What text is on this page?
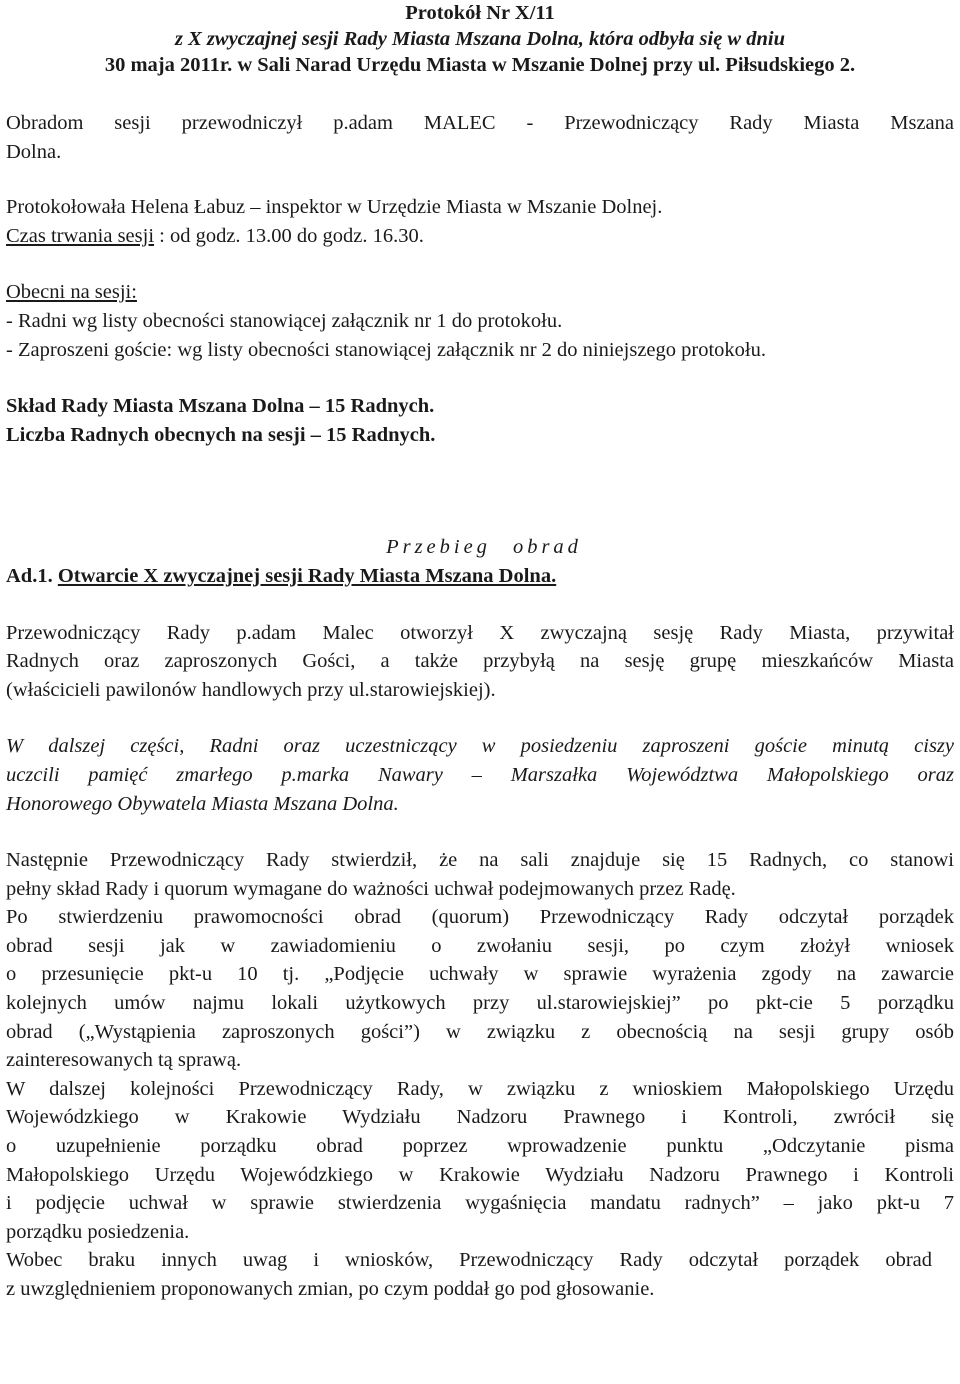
Protokół Nr X/11

z X zwyczajnej sesji Rady Miasta Mszana Dolna, która odbyła się w dniu

30 maja 2011r. w Sali Narad Urzędu Miasta w Mszanie Dolnej przy ul. Piłsudskiego 2.

Obradom sesji przewodniczył p.adam MALEC - Przewodniczący Rady Miasta Mszana

Dolna.

Protokołowała Helena Łabuz – inspektor w Urzędzie Miasta w Mszanie Dolnej.

Czas trwania sesji : od godz. 13.00 do godz. 16.30.

Obecni na sesji:

- Radni wg listy obecności stanowiącej załącznik nr 1 do protokołu.

- Zaproszeni goście: wg listy obecności stanowiącej załącznik nr 2 do niniejszego protokołu.

Skład Rady Miasta Mszana Dolna – 15 Radnych.

Liczba Radnych obecnych na sesji – 15 Radnych.

Przebieg obrad

Ad.1. Otwarcie X zwyczajnej sesji Rady Miasta Mszana Dolna.

Przewodniczący Rady p.adam Malec otworzył X zwyczajną sesję Rady Miasta, przywitał

Radnych oraz zaproszonych Gości, a także przybyłą na sesję grupę mieszkańców Miasta

(właścicieli pawilonów handlowych przy ul.starowiejskiej).

W dalszej części, Radni oraz uczestniczący w posiedzeniu zaproszeni goście minutą ciszy

uczcili pamięć zmarłego p.marka Nawary – Marszałka Województwa Małopolskiego oraz

Honorowego Obywatela Miasta Mszana Dolna.

Następnie Przewodniczący Rady stwierdził, że na sali znajduje się 15 Radnych, co stanowi

pełny skład Rady i quorum wymagane do ważności uchwał podejmowanych przez Radę.

Po stwierdzeniu prawomocności obrad (quorum) Przewodniczący Rady odczytał porządek

obrad sesji jak w zawiadomieniu o zwołaniu sesji, po czym złożył wniosek

o przesunięcie pkt-u 10 tj. „Podjęcie uchwały w sprawie wyrażenia zgody na zawarcie

kolejnych umów najmu lokali użytkowych przy ul.starowiejskiej” po pkt-cie 5 porządku

obrad („Wystąpienia zaproszonych gości”) w związku z obecnością na sesji grupy osób

zainteresowanych tą sprawą.

W dalszej kolejności Przewodniczący Rady, w związku z wnioskiem Małopolskiego Urzędu

Wojewódzkiego w Krakowie Wydziału Nadzoru Prawnego i Kontroli, zwrócił się

o uzupełnienie porządku obrad poprzez wprowadzenie punktu „Odczytanie pisma

Małopolskiego Urzędu Wojewódzkiego w Krakowie Wydziału Nadzoru Prawnego i Kontroli

i podjęcie uchwał w sprawie stwierdzenia wygaśnięcia mandatu radnych” – jako pkt-u 7

porządku posiedzenia.

Wobec braku innych uwag i wniosków, Przewodniczący Rady odczytał porządek obrad

z uwzględnieniem proponowanych zmian, po czym poddał go pod głosowanie.
